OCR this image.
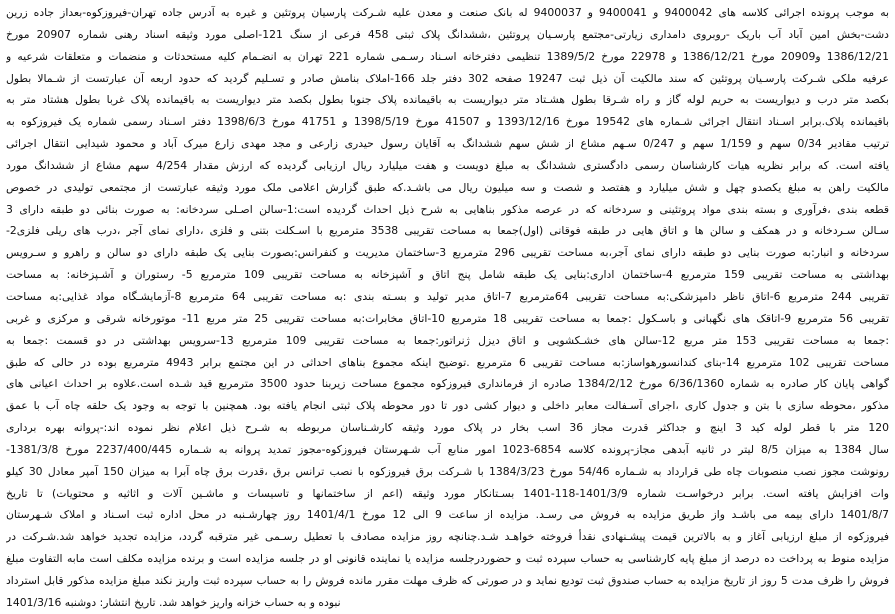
به موجب پرونده اجرائی کلاسه های 9400042 و 9400041 و 9400037 له بانک صنعت و معدن علیه شـرکت پارسیان پروتئین و غیره به آدرس جاده تهران-فیروزکوه-بعداز جاده زرین
دشت-بخش امین آباد آب باریک -روبروی دامداری زیارتی-مجتمع پارسـیان پروتئین ،ششدانگ پلاک ثبتی 458 فرعی از سنگ 121-اصلی مورد وثیقه اسناد رهنی شماره 20907 مورخ
1386/12/21 و20909 مورخ 1386/12/21 و 22978 مورخ 1389/5/2 تنظیمی دفترخانه اسـناد رسـمی شماره 221 تهران به انضـمام کلیه مستحدثات و منضمات و متعلقات شرعیه و
عرفیه ملکی شـرکت پارسـیان پروتئین که سند مالکیت آن ذیل ثبت 19247 صفحه 302 دفتر جلد 166-املاک بنامش صادر و تسـلیم گردید که حدود اربعه آن عبارتست از شـمالا بطول
بکصد متر درب و دیواریست به حریم لوله گاز و راه شـرقا بطول هشـتاد متر دیواریست به باقیمانده پلاک جنوبا بطول بکصد متر دیواریست به باقیمانده پلاک غربا بطول هشتاد متر به
باقیمانده پلاک.برابر اسـناد انتقال اجرائی شـماره های 19542 مورخ 1393/12/16 و 41507 مورخ 1398/5/19 و 41751 مورخ 1398/6/3 دفتر اسـناد رسمی شماره یک فیروزکوه به
ترتیب مقادیر 0/34 سهم و 1/159 سهم و 0/247 سـهم مشاع از شش سهم ششدانگ به آقایان رسول حیدری زارعی و مجد مهدی زارع میرک آباد و محمود شیدایی انتقال اجرائی
یافته است. که برابر نظریه هیات کارشناسان رسمی دادگستری ششدانگ به مبلغ دویست و هفت میلیارد ریال ارزیابی گردیده که ارزش مقدار 4/254 سهم مشاع از ششدانگ مورد
مالکیت راهن به مبلغ یکصدو چهل و شش میلیارد و هفتصد و شصت و سه میلیون ریال می باشـد.که طبق گزارش اعلامی ملک مورد وثیقه عبارتست از مجتمعی تولیدی در خصوص
قطعه بندی ،فرآوری و بسته بندی مواد پروتئینی و سردخانه که در عرصه مذکور بناهایی به شرح ذیل احداث گردیده است:1-سالن اصـلی سردخانه: به صورت بنائی دو طبقه دارای 3
سـالن سـردخانه و در همکف و سالن ها و اتاق هایی در طبقه فوقانی (اول)جمعا به مساحت تقریبی 3538 مترمربع با اسـکلت بتنی و فلزی ،دارای نمای آجر ،درب های ریلی فلزی2-
سردخانه و انبار:به صورت بنایی دو طبقه دارای نمای آجر،به مساحت تقریبی 296 مترمربع 3-ساختمان مدیریت و کنفرانس:بصورت بنایی یک طبقه دارای دو سالن و راهرو و سـرویس
بهداشتی به مساحت تقریبی 159 مترمربع 4-ساختمان اداری:بنایی یک طبقه شامل پنج اتاق و آشپزخانه به مساحت تقریبی 109 مترمربع 5- رستوران و آشـپزخانه: به مساحت
تقریبی 244 مترمربع 6-اتاق ناظر دامپزشکی:به مساحت تقریبی 64مترمربع 7-اتاق مدیر تولید و بسـته بندی :به مساحت تقریبی 64 مترمربع 8-آزمایشـگاه مواد غذایی:به مساحت
تقریبی 56 مترمربع 9-اتاقک های نگهبانی و باسـکول :جمعا به مساحت تقریبی 18 مترمربع 10-اتاق مخابرات:به مساحت تقریبی 25 متر مربع 11- موتورخانه شرقی و مرکزی و غربی
:جمعا به مساحت تقریبی 153 متر مربع 12-سالن های خشـکشویی و اتاق دیزل ژنراتور:جمعا به مساحت تقریبی 109 مترمربع 13-سرویس بهداشتی در دو قسمت :جمعا به
مساحت تقریبی 102 مترمربع 14-بنای کندانسورهواساز:به مساحت تقریبی 6 مترمربع .توضیح اینکه مجموع بناهای احداثی در این مجتمع برابر 4943 مترمربع بوده در حالی که طبق
گواهی پایان کار صادره به شماره 6/36/1360 مورخ 1384/2/12 صادره از فرمانداری فیروزکوه مجموع مساحت زیربنا حدود 3500 مترمربع قید شـده است.علاوه بر احداث اعیانی های
مذکور ،محوطه سازی با بتن و جدول کاری ،اجرای آسـفالت معابر داخلی و دیوار کشی دور تا دور محوطه پلاک ثبتی انجام یافته بود. همچنین با توجه به وجود یک حلقه چاه آب با عمق
120 متر با قطر لوله کید 3 اینچ و جداکثر قدرت مجاز 36 اسب بخار در پلاک مورد وثیقه کارشـناسان مربوطه به شـرح ذیل اعلام نظر نموده اند:-پروانه بهره برداری
سال 1384 به میزان 8/5 لیتر در ثانیه آبدهی مجاز-پرونده کلاسه 6854-1023 امور منابع آب شـهرستان فیروزکوه-مجوز تمدید پروانه به شـماره 2237/400/445 مورخ 1381/3/8-
رونوشت مجوز نصب منصوبات چاه طی قرارداد به شـماره 54/46 مورخ 1384/3/23 با شـرکت برق فیروزکوه با نصب ترانس برق ،قدرت برق چاه آبرا به میزان 150 آمپر معادل 30 کیلو
وات افزایش یافته است. برابر درخواسـت شماره 1401/3/9-118-1401 بسـتانکار مورد وثیقه (اعم از ساختمانها و تاسیسات و ماشـین آلات و اثاثیه و محتویات) تا تاریخ
1401/8/7 دارای بیمه می باشـد واز طریق مزایده به فروش می رسـد. مزایده از ساعت 9 الی 12 مورخ 1401/4/1 روز چهارشـنبه در محل اداره ثبت اسـناد و املاک شـهرستان
فیروزکوه از مبلغ ارزیابی آغاز و به بالاترین قیمت پیشـنهادی نقدأ فروخته خواهـد شـد.چنانچه روز مزایده مصادف با تعطیل رسـمی غیر مترقبه گردد، مزایده تجدید خواهد شد.شـرکت در
مزایده منوط به پرداخت ده درصد از مبلغ پایه کارشناسی به حساب سپرده ثبت و حضوردرجلسه مزایده یا نماینده قانونی او در جلسه مزایده است و برنده مزایده مکلف است مابه التفاوت مبلغ
فروش را ظرف مدت 5 روز از تاریخ مزایده به حساب صندوق ثبت تودیع نماید و در صورتی که ظرف مهلت مقرر مانده فروش را به حساب سپرده ثبت واریز نکند مبلغ مزایده مذکور قابل استرداد
نبوده و به حساب خزانه واریز خواهد شد. تاریخ انتشار: دوشنبه 1401/3/16
